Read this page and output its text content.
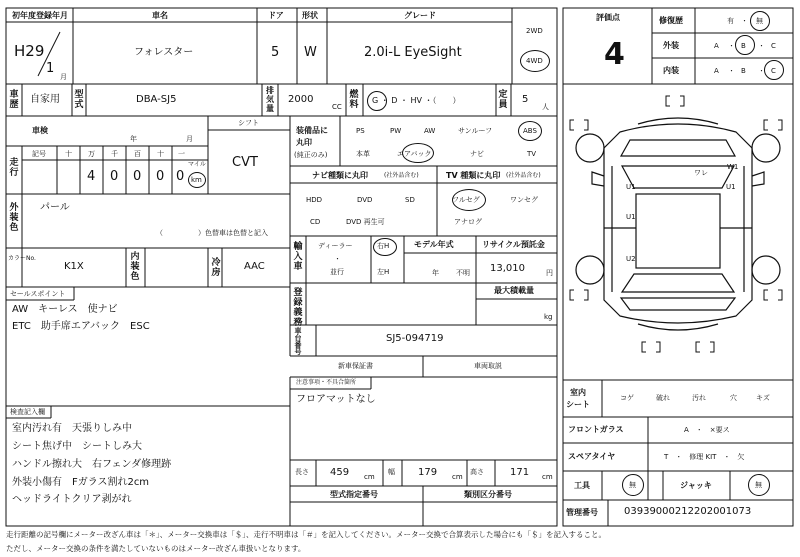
初年度登録年月
H29
1
月
車名
フォレスター
ドア
5
形状
W
グレード
2.0i-L EyeSight
2WD
4WD
車歴 自家用 型式	DBA-SJ5
排気量
2000
CC
燃料 G ・ D ・ HV ・（　　）
定員 5
人
車検
年	月
シフト
CVT
走行
記号	十 万 千 百 十 一
4 0 0 0 0
マイル
km
装備品に
丸印
(純正のみ)
PS	PW	AW	サンルーフ	ABS
本革	エアバック	ナビ	TV
ナビ種類に丸印	(社外品含む)
HDD	DVD	SD
CD	DVD 再生可
TV 種類に丸印 (社外品含む)
フルセグ	ワンセグ
アナログ
外装色
パール
（　　　　　）色替車は色替と記入
カラーNo.
K1X
内装色
冷房
AAC
輸入車
ディーラー
・
並行
右H
左H
モデル年式
年 不明
リサイクル預託金
13,010	円
登録義務
最大積載量
kg
車台番号
SJ5-094719
新車保証書	車両取説
注意事項・不具合箇所
フロアマットなし
セールスポイント
AW　キーレス　使ナビ
ETC　助手席エアバック　ESC
検査記入欄
室内汚れ有　天張りしみ中
シート焦げ中　シートしみ大
ハンドル擦れ大　右フェンダ修理跡
外装小傷有　Fガラス割れ2cm
ヘッドライトクリア剥がれ
長さ 459 cm
幅 179 cm
高さ	171 cm
型式指定番号	類別区分番号
評価点
4
修復歴	有 ・ 無
外装	A ・ B ・ C
内装	A ・ B ・ C
W1
U1
U1
U2
U1
ワレ
室内
シート
コゲ	破れ	汚れ	穴	キズ
フロントガラス	A　・　×要ス
スペアタイヤ	T　・　修理 KIT　・　欠
工具	無	ジャッキ	無
管理番号	03939000212202001073
走行距離の記号欄にメーター改ざん車は「＊」、メーター交換車は「＄」、走行不明車は「＃」を記入してください。メーター交換で合算表示した場合にも「＄」を記入すること。
ただし、メーター交換の条件を満たしていないものはメーター改ざん車扱いとなります。
